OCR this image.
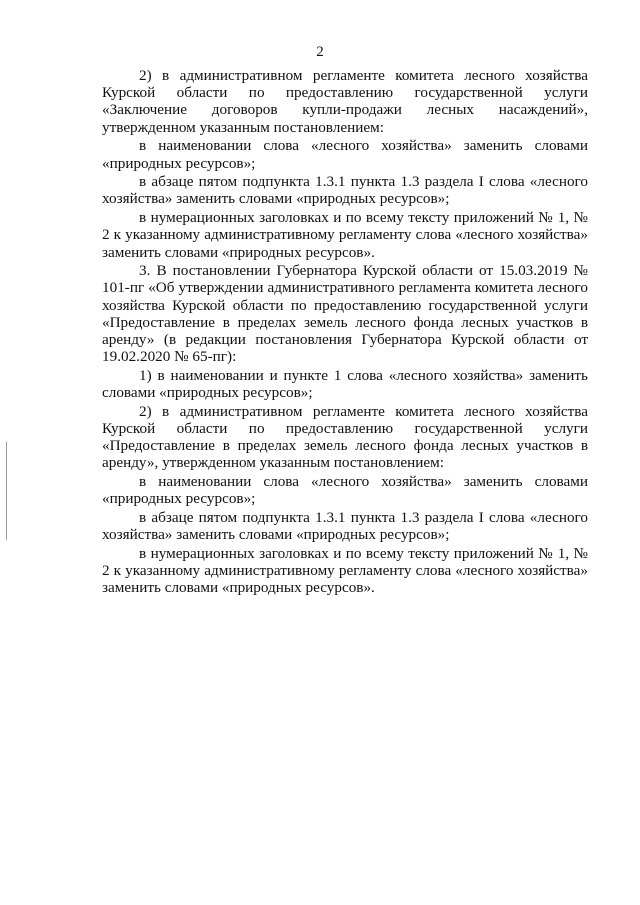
2

2) в административном регламенте комитета лесного хозяйства Курской области по предоставлению государственной услуги «Заключение договоров купли-продажи лесных насаждений», утвержденном указанным постановлением:

в наименовании слова «лесного хозяйства» заменить словами «природных ресурсов»;

в абзаце пятом подпункта 1.3.1 пункта 1.3 раздела I слова «лесного хозяйства» заменить словами «природных ресурсов»;

в нумерационных заголовках и по всему тексту приложений № 1, № 2 к указанному административному регламенту слова «лесного хозяйства» заменить словами «природных ресурсов».

3. В постановлении Губернатора Курской области от 15.03.2019 № 101-пг «Об утверждении административного регламента комитета лесного хозяйства Курской области по предоставлению государственной услуги «Предоставление в пределах земель лесного фонда лесных участков в аренду» (в редакции постановления Губернатора Курской области от 19.02.2020 № 65-пг):

1) в наименовании и пункте 1 слова «лесного хозяйства» заменить словами «природных ресурсов»;

2) в административном регламенте комитета лесного хозяйства Курской области по предоставлению государственной услуги «Предоставление в пределах земель лесного фонда лесных участков в аренду», утвержденном указанным постановлением:

в наименовании слова «лесного хозяйства» заменить словами «природных ресурсов»;

в абзаце пятом подпункта 1.3.1 пункта 1.3 раздела I слова «лесного хозяйства» заменить словами «природных ресурсов»;

в нумерационных заголовках и по всему тексту приложений № 1, № 2 к указанному административному регламенту слова «лесного хозяйства» заменить словами «природных ресурсов».
